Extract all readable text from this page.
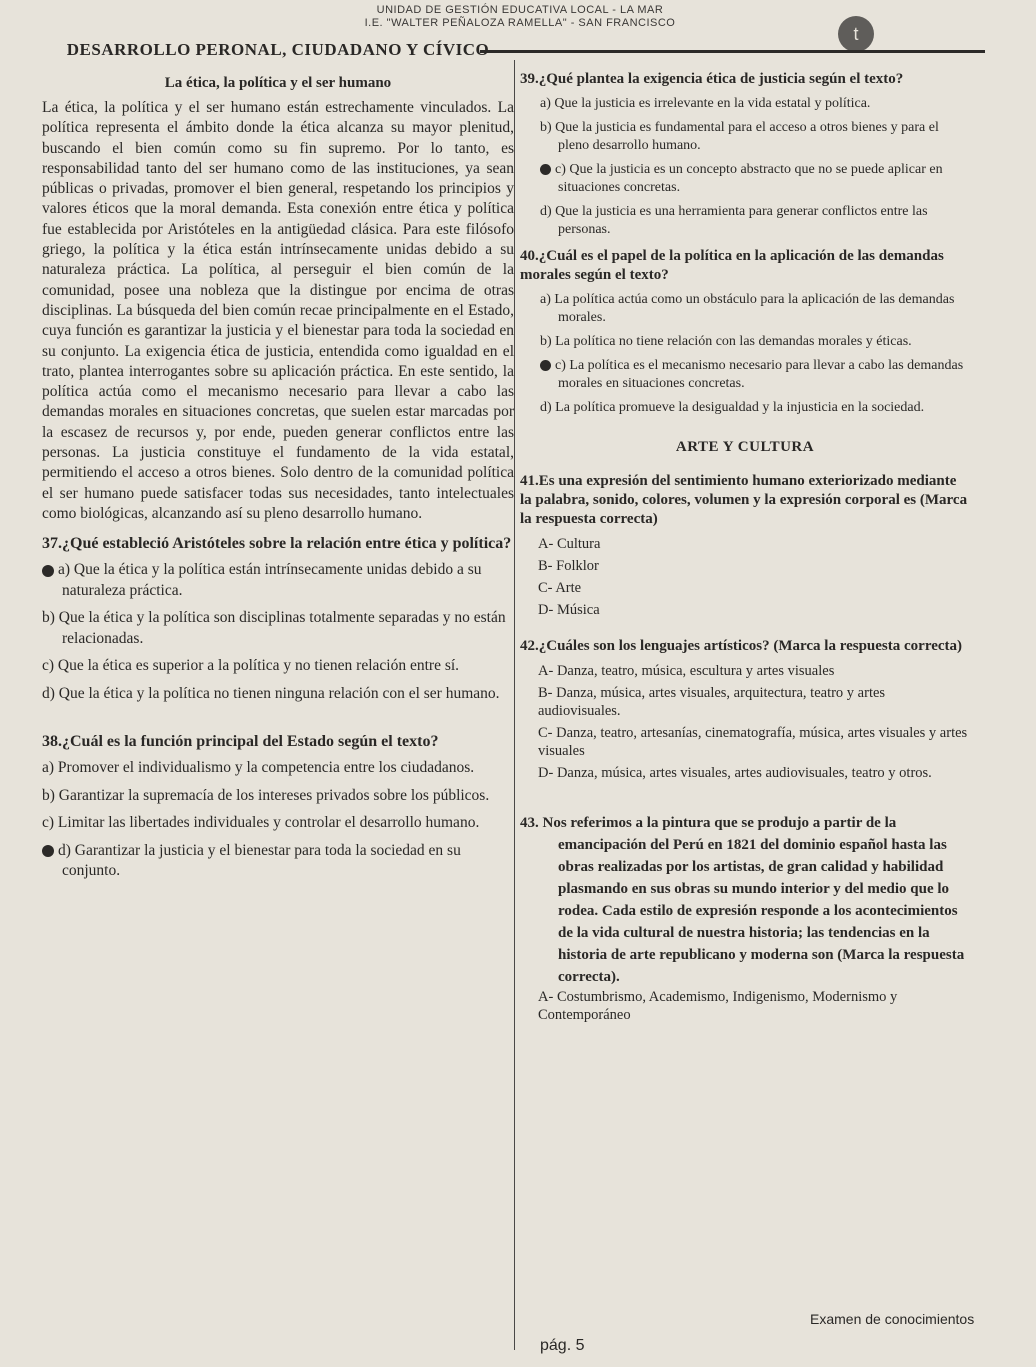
UNIDAD DE GESTIÓN EDUCATIVA LOCAL - LA MAR
I.E. "WALTER PEÑALOZA RAMELLA" - SAN FRANCISCO
t
DESARROLLO PERONAL, CIUDADANO Y CÍVICO
La ética, la política y el ser humano

La ética, la política y el ser humano están estrechamente vinculados. La política representa el ámbito donde la ética alcanza su mayor plenitud, buscando el bien común como su fin supremo. Por lo tanto, es responsabilidad tanto del ser humano como de las instituciones, ya sean públicas o privadas, promover el bien general, respetando los principios y valores éticos que la moral demanda. Esta conexión entre ética y política fue establecida por Aristóteles en la antigüedad clásica. Para este filósofo griego, la política y la ética están intrínsecamente unidas debido a su naturaleza práctica. La política, al perseguir el bien común de la comunidad, posee una nobleza que la distingue por encima de otras disciplinas. La búsqueda del bien común recae principalmente en el Estado, cuya función es garantizar la justicia y el bienestar para toda la sociedad en su conjunto. La exigencia ética de justicia, entendida como igualdad en el trato, plantea interrogantes sobre su aplicación práctica. En este sentido, la política actúa como el mecanismo necesario para llevar a cabo las demandas morales en situaciones concretas, que suelen estar marcadas por la escasez de recursos y, por ende, pueden generar conflictos entre las personas. La justicia constituye el fundamento de la vida estatal, permitiendo el acceso a otros bienes. Solo dentro de la comunidad política el ser humano puede satisfacer todas sus necesidades, tanto intelectuales como biológicas, alcanzando así su pleno desarrollo humano.

37.¿Qué estableció Aristóteles sobre la relación entre ética y política?

a) Que la ética y la política están intrínsecamente unidas debido a su naturaleza práctica.

b) Que la ética y la política son disciplinas totalmente separadas y no están relacionadas.

c) Que la ética es superior a la política y no tienen relación entre sí.

d) Que la ética y la política no tienen ninguna relación con el ser humano.

38.¿Cuál es la función principal del Estado según el texto?

a) Promover el individualismo y la competencia entre los ciudadanos.

b) Garantizar la supremacía de los intereses privados sobre los públicos.

c) Limitar las libertades individuales y controlar el desarrollo humano.

d) Garantizar la justicia y el bienestar para toda la sociedad en su conjunto.

39.¿Qué plantea la exigencia ética de justicia según el texto?

a) Que la justicia es irrelevante en la vida estatal y política.

b) Que la justicia es fundamental para el acceso a otros bienes y para el pleno desarrollo humano.

c) Que la justicia es un concepto abstracto que no se puede aplicar en situaciones concretas.

d) Que la justicia es una herramienta para generar conflictos entre las personas.

40.¿Cuál es el papel de la política en la aplicación de las demandas morales según el texto?

a) La política actúa como un obstáculo para la aplicación de las demandas morales.

b) La política no tiene relación con las demandas morales y éticas.

c) La política es el mecanismo necesario para llevar a cabo las demandas morales en situaciones concretas.

d) La política promueve la desigualdad y la injusticia en la sociedad.

ARTE Y CULTURA

41.Es una expresión del sentimiento humano exteriorizado mediante la palabra, sonido, colores, volumen y la expresión corporal es (Marca la respuesta correcta)

A- Cultura

B- Folklor

C- Arte

D- Música

42.¿Cuáles son los lenguajes artísticos? (Marca la respuesta correcta)

A- Danza, teatro, música, escultura y artes visuales

B- Danza, música, artes visuales, arquitectura, teatro y artes audiovisuales.

C- Danza, teatro, artesanías, cinematografía, música, artes visuales y artes visuales

D- Danza, música, artes visuales, artes audiovisuales, teatro y otros.

43. Nos referimos a la pintura que se produjo a partir de la emancipación del Perú en 1821 del dominio español hasta las obras realizadas por los artistas, de gran calidad y habilidad plasmando en sus obras su mundo interior y del medio que lo rodea. Cada estilo de expresión responde a los acontecimientos de la vida cultural de nuestra historia; las tendencias en la historia de arte republicano y moderna son (Marca la respuesta correcta).

A- Costumbrismo, Academismo, Indigenismo, Modernismo y Contemporáneo

Examen de conocimientos
pág. 5
